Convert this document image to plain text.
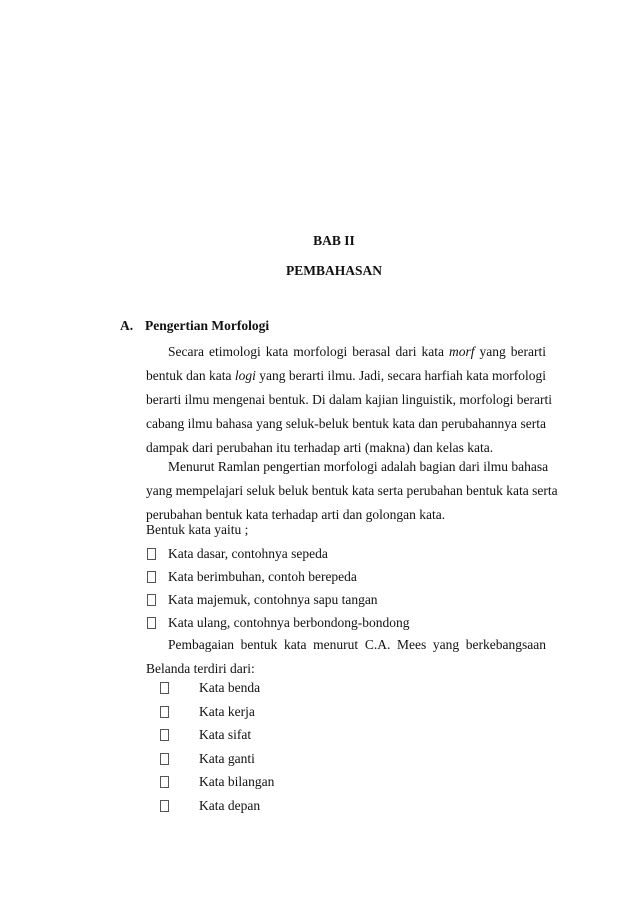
BAB II
PEMBAHASAN
A. Pengertian Morfologi
Secara etimologi kata morfologi berasal dari kata morf yang berarti
bentuk dan kata logi yang berarti ilmu. Jadi, secara harfiah kata morfologi
berarti ilmu mengenai bentuk. Di dalam kajian linguistik, morfologi berarti
cabang ilmu bahasa yang seluk-beluk bentuk kata dan perubahannya serta
dampak dari perubahan itu terhadap arti (makna) dan kelas kata.
Menurut Ramlan pengertian morfologi adalah bagian dari ilmu bahasa
yang mempelajari seluk beluk bentuk kata serta perubahan bentuk kata serta
perubahan bentuk kata terhadap arti dan golongan kata.
Bentuk kata yaitu ;
Kata dasar, contohnya sepeda
Kata berimbuhan, contoh berepeda
Kata majemuk, contohnya sapu tangan
Kata ulang, contohnya berbondong-bondong
Pembagaian bentuk kata menurut C.A. Mees yang berkebangsaan
Belanda terdiri dari:
Kata benda
Kata kerja
Kata sifat
Kata ganti
Kata bilangan
Kata depan
